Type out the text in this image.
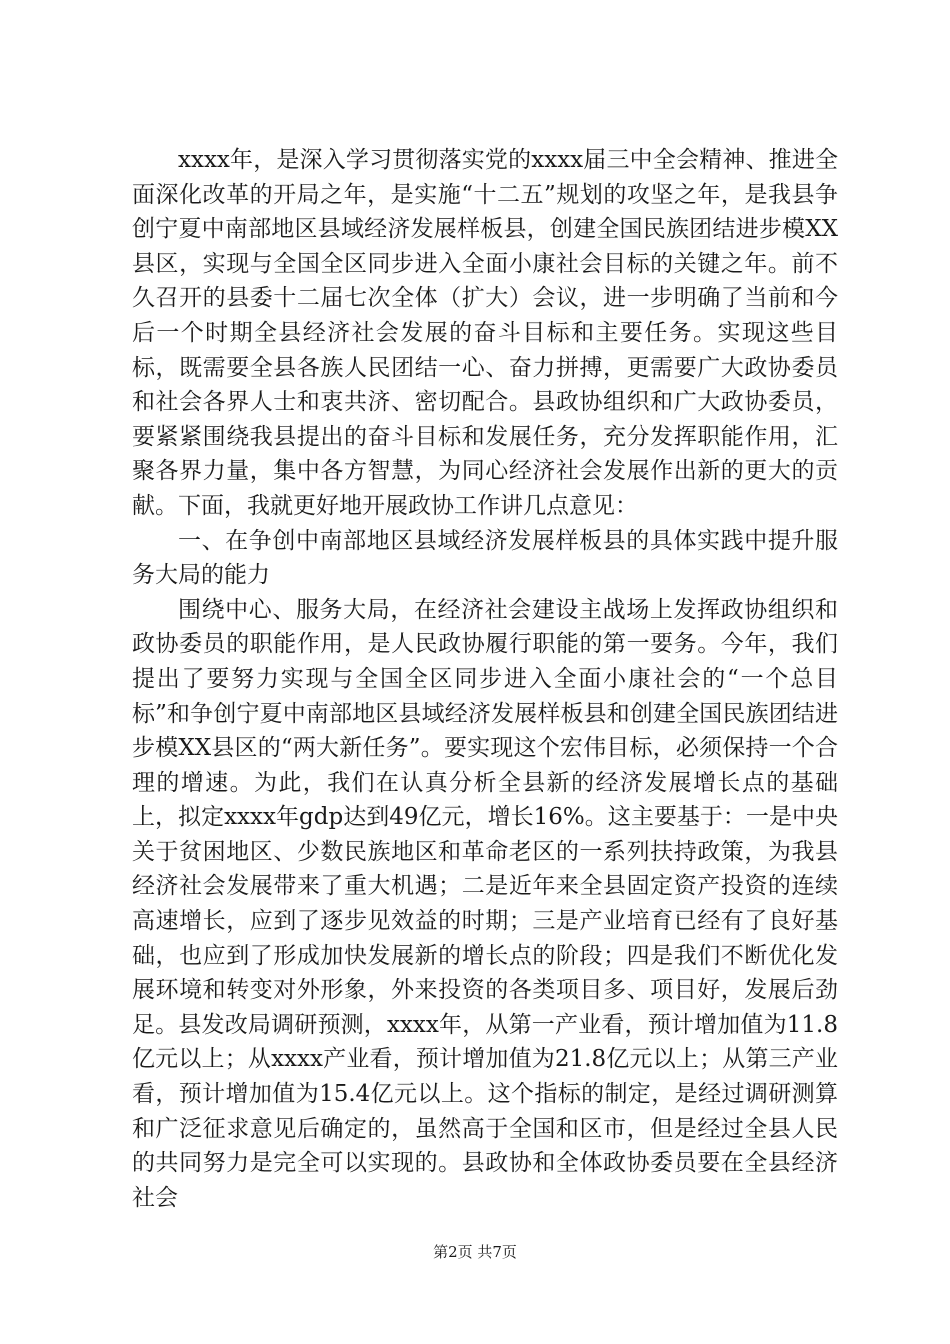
xxxx年，是深入学习贯彻落实党的xxxx届三中全会精神、推进全面深化改革的开局之年，是实施“十二五”规划的攻坚之年，是我县争创宁夏中南部地区县域经济发展样板县，创建全国民族团结进步模XX县区，实现与全国全区同步进入全面小康社会目标的关键之年。前不久召开的县委十二届七次全体（扩大）会议，进一步明确了当前和今后一个时期全县经济社会发展的奋斗目标和主要任务。实现这些目标，既需要全县各族人民团结一心、奋力拼搏，更需要广大政协委员和社会各界人士和衷共济、密切配合。县政协组织和广大政协委员，要紧紧围绕我县提出的奋斗目标和发展任务，充分发挥职能作用，汇聚各界力量，集中各方智慧，为同心经济社会发展作出新的更大的贡献。下面，我就更好地开展政协工作讲几点意见：

一、在争创中南部地区县域经济发展样板县的具体实践中提升服务大局的能力

围绕中心、服务大局，在经济社会建设主战场上发挥政协组织和政协委员的职能作用，是人民政协履行职能的第一要务。今年，我们提出了要努力实现与全国全区同步进入全面小康社会的“一个总目标”和争创宁夏中南部地区县域经济发展样板县和创建全国民族团结进步模XX县区的“两大新任务”。要实现这个宏伟目标，必须保持一个合理的增速。为此，我们在认真分析全县新的经济发展增长点的基础上，拟定xxxx年gdp达到49亿元，增长16%。这主要基于：一是中央关于贫困地区、少数民族地区和革命老区的一系列扶持政策，为我县经济社会发展带来了重大机遇；二是近年来全县固定资产投资的连续高速增长，应到了逐步见效益的时期；三是产业培育已经有了良好基础，也应到了形成加快发展新的增长点的阶段；四是我们不断优化发展环境和转变对外形象，外来投资的各类项目多、项目好，发展后劲足。县发改局调研预测，xxxx年，从第一产业看，预计增加值为11.8亿元以上；从xxxx产业看，预计增加值为21.8亿元以上；从第三产业看，预计增加值为15.4亿元以上。这个指标的制定，是经过调研测算和广泛征求意见后确定的，虽然高于全国和区市，但是经过全县人民的共同努力是完全可以实现的。县政协和全体政协委员要在全县经济社会

第2页 共7页
